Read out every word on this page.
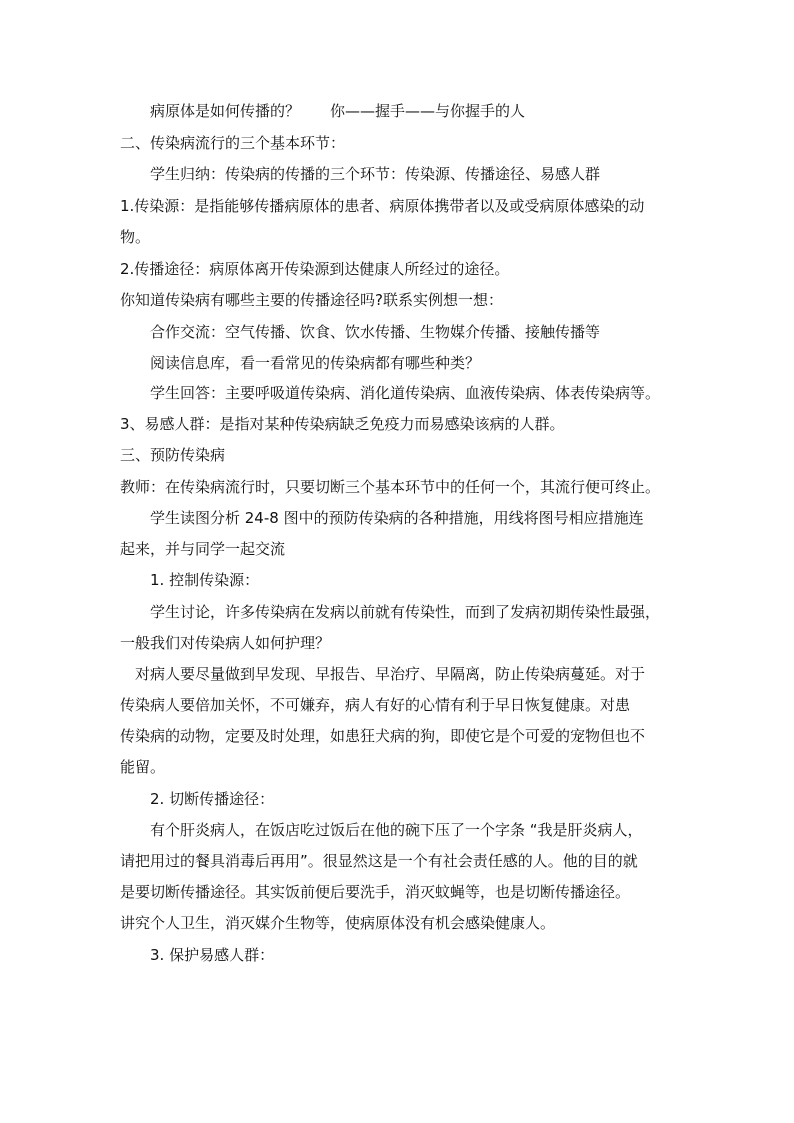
病原体是如何传播的？　　你——握手——与你握手的人
二、传染病流行的三个基本环节：
学生归纳：传染病的传播的三个环节：传染源、传播途径、易感人群
1.传染源：是指能够传播病原体的患者、病原体携带者以及或受病原体感染的动
物。
2.传播途径：病原体离开传染源到达健康人所经过的途径。
你知道传染病有哪些主要的传播途径吗?联系实例想一想：
合作交流：空气传播、饮食、饮水传播、生物媒介传播、接触传播等
阅读信息库，看一看常见的传染病都有哪些种类？
学生回答：主要呼吸道传染病、消化道传染病、血液传染病、体表传染病等。
3、易感人群：是指对某种传染病缺乏免疫力而易感染该病的人群。
三、预防传染病
教师：在传染病流行时，只要切断三个基本环节中的任何一个，其流行便可终止。
学生读图分析 24-8 图中的预防传染病的各种措施，用线将图号相应措施连
起来，并与同学一起交流
1. 控制传染源：
学生讨论，许多传染病在发病以前就有传染性，而到了发病初期传染性最强，
一般我们对传染病人如何护理？
对病人要尽量做到早发现、早报告、早治疗、早隔离，防止传染病蔓延。对于
传染病人要倍加关怀，不可嫌弃，病人有好的心情有利于早日恢复健康。对患
传染病的动物，定要及时处理，如患狂犬病的狗，即使它是个可爱的宠物但也不
能留。
2. 切断传播途径：
有个肝炎病人，在饭店吃过饭后在他的碗下压了一个字条 “我是肝炎病人，
请把用过的餐具消毒后再用”。很显然这是一个有社会责任感的人。他的目的就
是要切断传播途径。其实饭前便后要洗手，消灭蚊蝇等，也是切断传播途径。
讲究个人卫生，消灭媒介生物等，使病原体没有机会感染健康人。
3. 保护易感人群：
